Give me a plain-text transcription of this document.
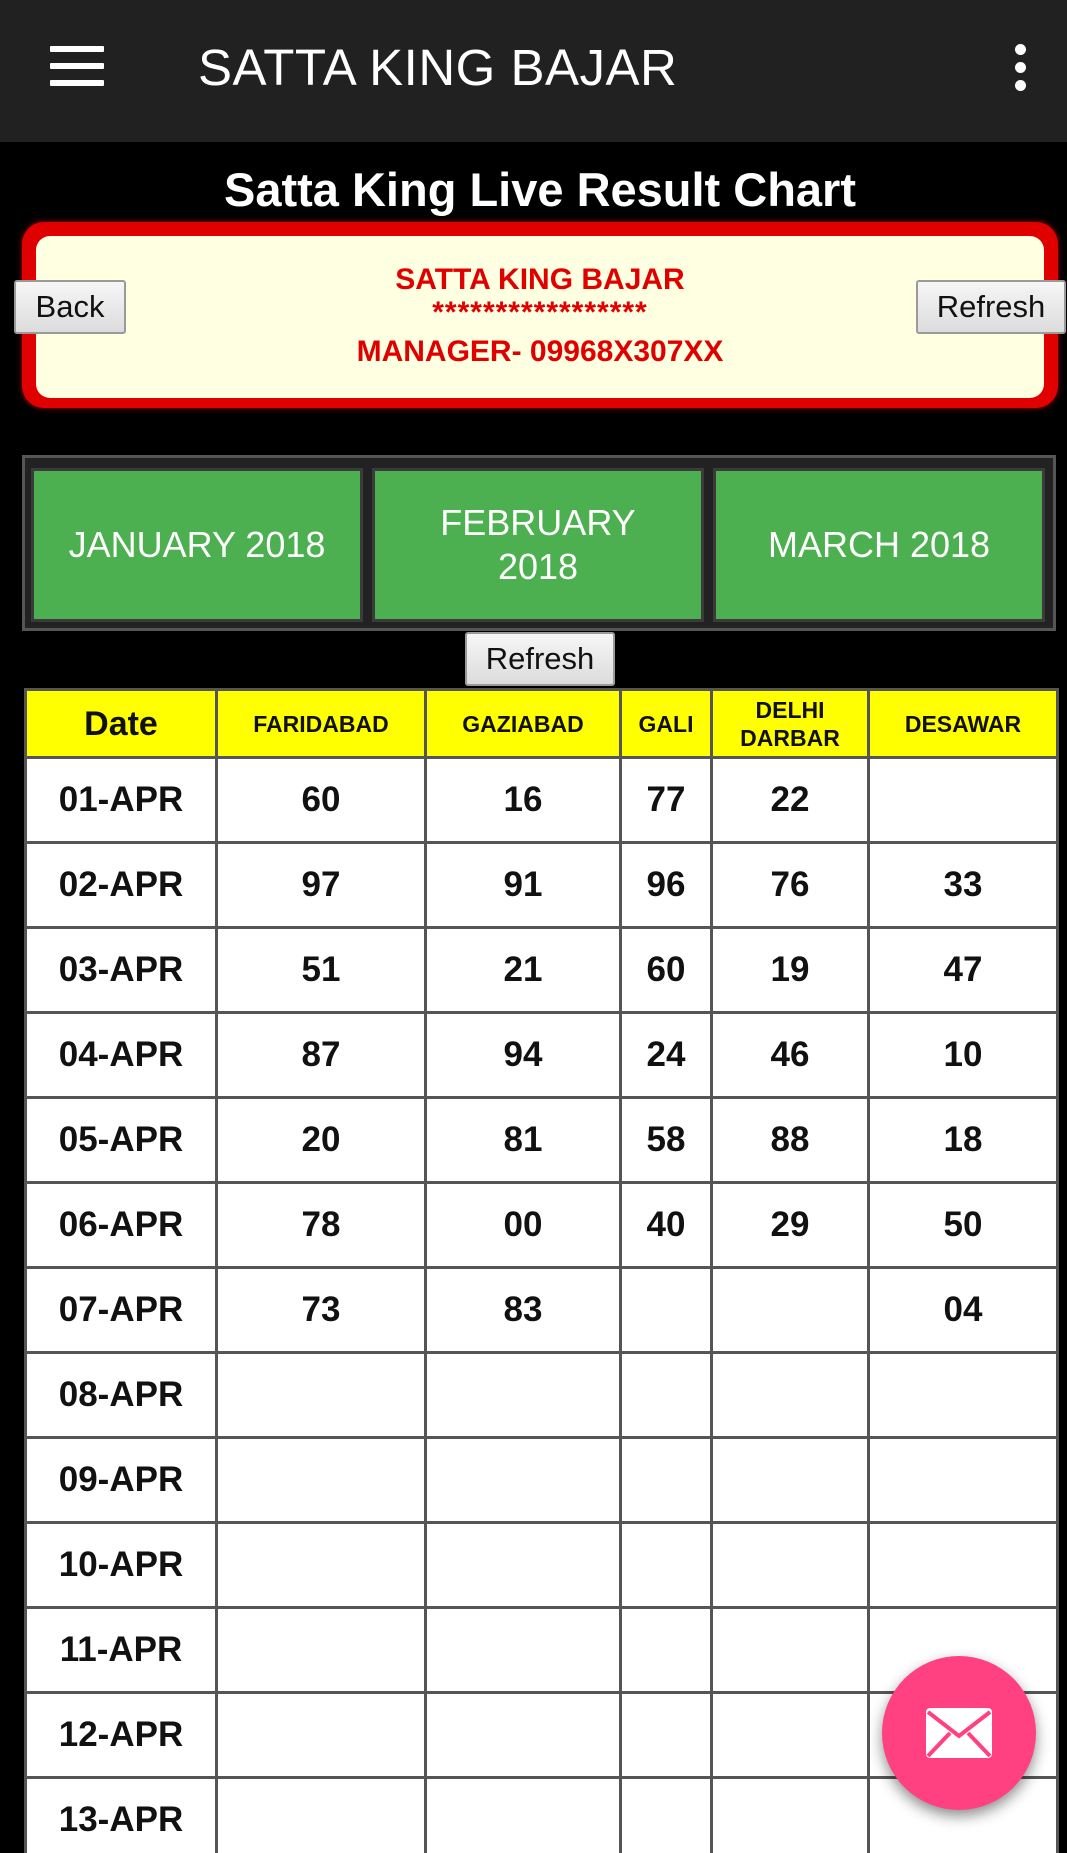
SATTA KING BAJAR
Satta King Live Result Chart
SATTA KING BAJAR
*****************
MANAGER- 09968X307XX
Back	Refresh
JANUARY 2018
FEBRUARY 2018
MARCH 2018
Refresh
Date	FARIDABAD	GAZIABAD	GALI	DELHI DARBAR	DESAWAR
01-APR	60	16	77	22	
02-APR	97	91	96	76	33
03-APR	51	21	60	19	47
04-APR	87	94	24	46	10
05-APR	20	81	58	88	18
06-APR	78	00	40	29	50
07-APR	73	83			04
08-APR					
09-APR					
10-APR					
11-APR					
12-APR					
13-APR					
